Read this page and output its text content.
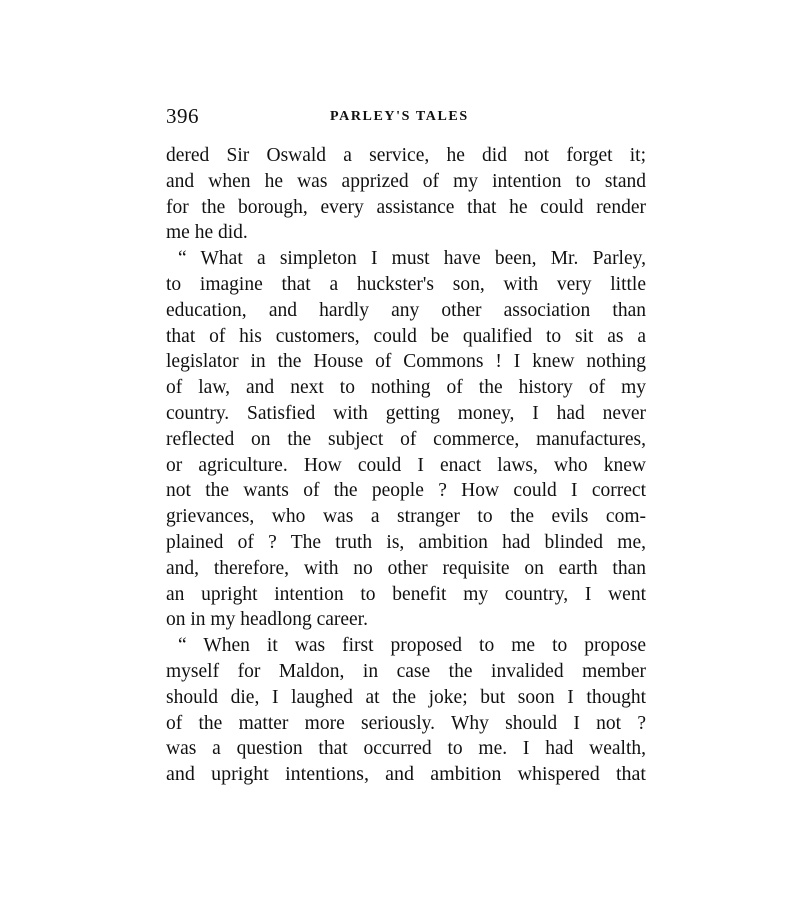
396	PARLEY'S TALES
dered Sir Oswald a service, he did not forget it;
and when he was apprized of my intention to stand
for the borough, every assistance that he could render
me he did.
“ What a simpleton I must have been, Mr. Parley,
to imagine that a huckster's son, with very little
education, and hardly any other association than
that of his customers, could be qualified to sit as a
legislator in the House of Commons ! I knew nothing
of law, and next to nothing of the history of my
country. Satisfied with getting money, I had never
reflected on the subject of commerce, manufactures,
or agriculture. How could I enact laws, who knew
not the wants of the people ? How could I correct
grievances, who was a stranger to the evils com-
plained of ? The truth is, ambition had blinded me,
and, therefore, with no other requisite on earth than
an upright intention to benefit my country, I went
on in my headlong career.
“ When it was first proposed to me to propose
myself for Maldon, in case the invalided member
should die, I laughed at the joke; but soon I thought
of the matter more seriously. Why should I not ?
was a question that occurred to me. I had wealth,
and upright intentions, and ambition whispered that
